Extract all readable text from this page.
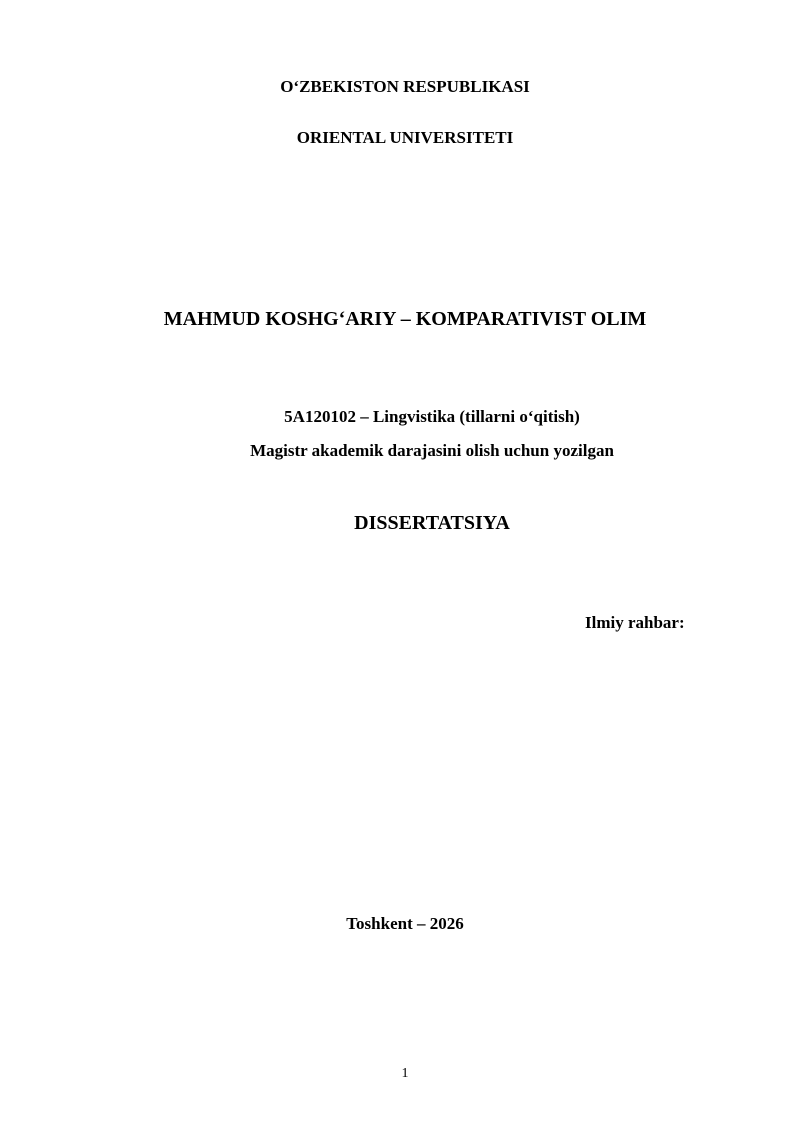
O‘ZBEKISTON RESPUBLIKASI
ORIENTAL UNIVERSITETI
MAHMUD KOSHG‘ARIY – KOMPARATIVIST OLIM
5A120102 – Lingvistika (tillarni o‘qitish)
Magistr akademik darajasini olish uchun yozilgan
DISSERTATSIYA
Ilmiy rahbar:
Toshkent – 2026
1
